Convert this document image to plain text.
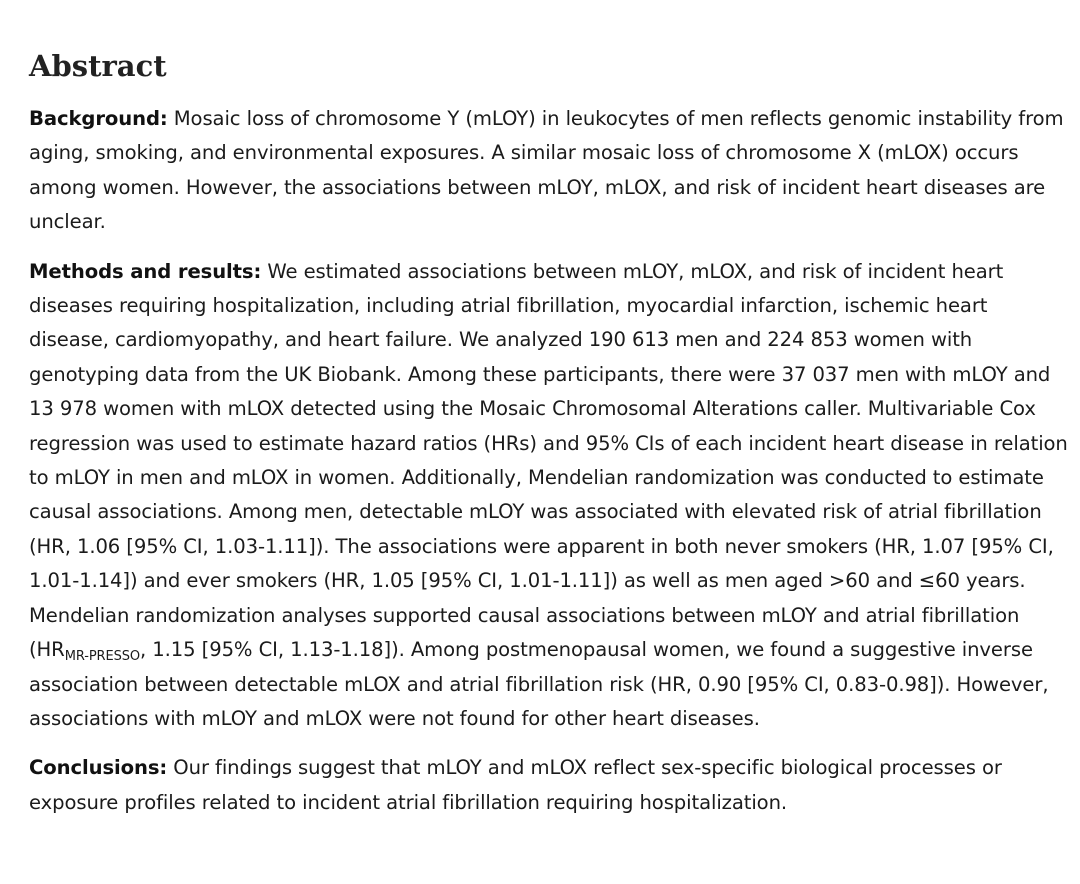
Abstract

Background: Mosaic loss of chromosome Y (mLOY) in leukocytes of men reflects genomic instability from aging, smoking, and environmental exposures. A similar mosaic loss of chromosome X (mLOX) occurs among women. However, the associations between mLOY, mLOX, and risk of incident heart diseases are unclear.

Methods and results: We estimated associations between mLOY, mLOX, and risk of incident heart diseases requiring hospitalization, including atrial fibrillation, myocardial infarction, ischemic heart disease, cardiomyopathy, and heart failure. We analyzed 190 613 men and 224 853 women with genotyping data from the UK Biobank. Among these participants, there were 37 037 men with mLOY and 13 978 women with mLOX detected using the Mosaic Chromosomal Alterations caller. Multivariable Cox regression was used to estimate hazard ratios (HRs) and 95% CIs of each incident heart disease in relation to mLOY in men and mLOX in women. Additionally, Mendelian randomization was conducted to estimate causal associations. Among men, detectable mLOY was associated with elevated risk of atrial fibrillation (HR, 1.06 [95% CI, 1.03-1.11]). The associations were apparent in both never smokers (HR, 1.07 [95% CI, 1.01-1.14]) and ever smokers (HR, 1.05 [95% CI, 1.01-1.11]) as well as men aged >60 and ≤60 years. Mendelian randomization analyses supported causal associations between mLOY and atrial fibrillation ($HR_{MR-PRESSO}$, 1.15 [95% CI, 1.13-1.18]). Among postmenopausal women, we found a suggestive inverse association between detectable mLOX and atrial fibrillation risk (HR, 0.90 [95% CI, 0.83-0.98]). However, associations with mLOY and mLOX were not found for other heart diseases.

Conclusions: Our findings suggest that mLOY and mLOX reflect sex-specific biological processes or exposure profiles related to incident atrial fibrillation requiring hospitalization.
